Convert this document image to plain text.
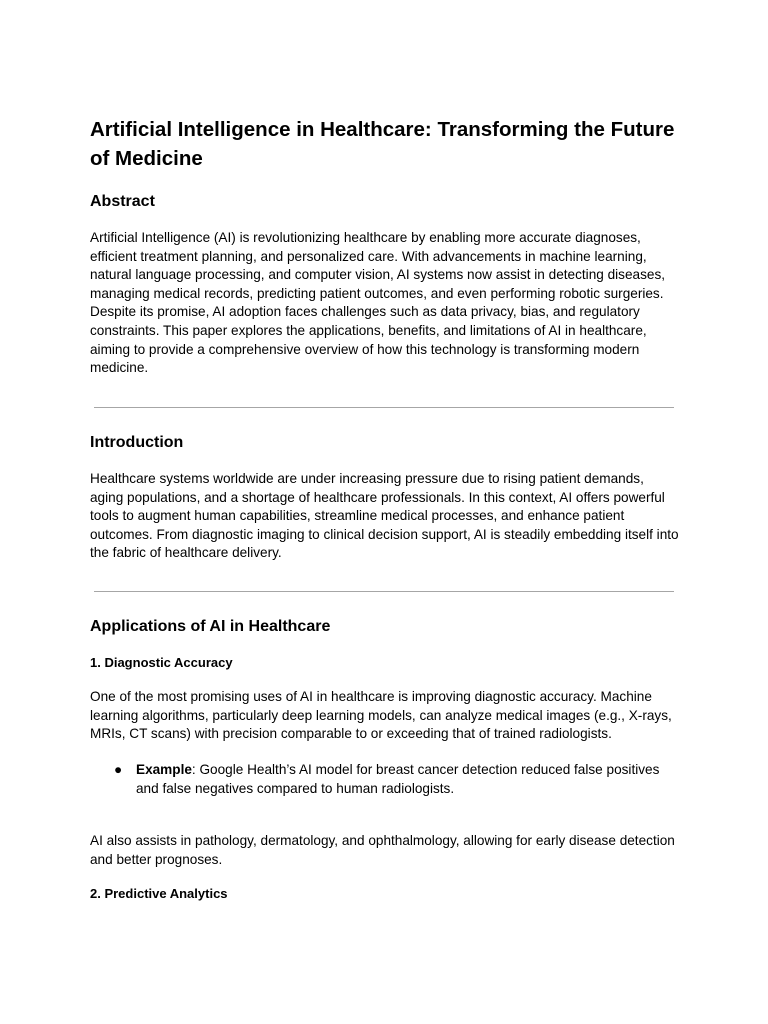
Artificial Intelligence in Healthcare: Transforming the Future of Medicine
Abstract

Artificial Intelligence (AI) is revolutionizing healthcare by enabling more accurate diagnoses, efficient treatment planning, and personalized care. With advancements in machine learning, natural language processing, and computer vision, AI systems now assist in detecting diseases, managing medical records, predicting patient outcomes, and even performing robotic surgeries. Despite its promise, AI adoption faces challenges such as data privacy, bias, and regulatory constraints. This paper explores the applications, benefits, and limitations of AI in healthcare, aiming to provide a comprehensive overview of how this technology is transforming modern medicine.

Introduction

Healthcare systems worldwide are under increasing pressure due to rising patient demands, aging populations, and a shortage of healthcare professionals. In this context, AI offers powerful tools to augment human capabilities, streamline medical processes, and enhance patient outcomes. From diagnostic imaging to clinical decision support, AI is steadily embedding itself into the fabric of healthcare delivery.

Applications of AI in Healthcare
1. Diagnostic Accuracy

One of the most promising uses of AI in healthcare is improving diagnostic accuracy. Machine learning algorithms, particularly deep learning models, can analyze medical images (e.g., X-rays, MRIs, CT scans) with precision comparable to or exceeding that of trained radiologists.

●	Example: Google Health’s AI model for breast cancer detection reduced false positives and false negatives compared to human radiologists.

AI also assists in pathology, dermatology, and ophthalmology, allowing for early disease detection and better prognoses.

2. Predictive Analytics
